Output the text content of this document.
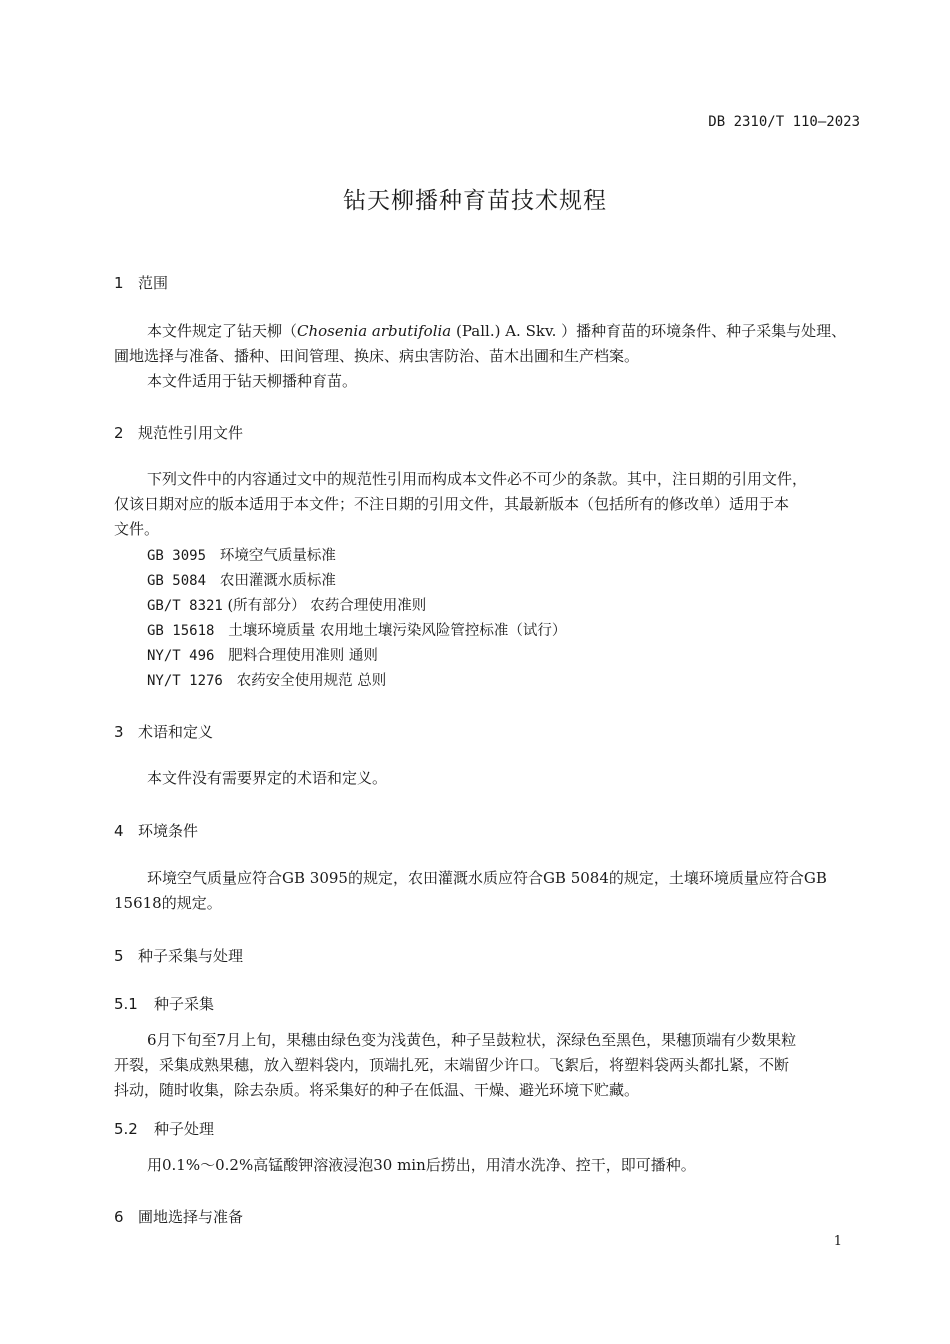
DB 2310/T 110—2023
钻天柳播种育苗技术规程
1 范围
本文件规定了钻天柳（Chosenia arbutifolia (Pall.) A. Skv. ）播种育苗的环境条件、种子采集与处理、
圃地选择与准备、播种、田间管理、换床、病虫害防治、苗木出圃和生产档案。
本文件适用于钻天柳播种育苗。
2 规范性引用文件
下列文件中的内容通过文中的规范性引用而构成本文件必不可少的条款。其中，注日期的引用文件，
仅该日期对应的版本适用于本文件；不注日期的引用文件，其最新版本（包括所有的修改单）适用于本
文件。
GB 3095 环境空气质量标准
GB 5084 农田灌溉水质标准
GB/T 8321 (所有部分） 农药合理使用准则
GB 15618 土壤环境质量 农用地土壤污染风险管控标准（试行）
NY/T 496 肥料合理使用准则 通则
NY/T 1276 农药安全使用规范 总则
3 术语和定义
本文件没有需要界定的术语和定义。
4 环境条件
环境空气质量应符合GB 3095的规定，农田灌溉水质应符合GB 5084的规定，土壤环境质量应符合GB
15618的规定。
5 种子采集与处理
5.1 种子采集
6月下旬至7月上旬，果穗由绿色变为浅黄色，种子呈鼓粒状，深绿色至黑色，果穗顶端有少数果粒
开裂，采集成熟果穗，放入塑料袋内，顶端扎死，末端留少许口。飞絮后，将塑料袋两头都扎紧，不断
抖动，随时收集，除去杂质。将采集好的种子在低温、干燥、避光环境下贮藏。
5.2 种子处理
用0.1%～0.2%高锰酸钾溶液浸泡30 min后捞出，用清水洗净、控干，即可播种。
6 圃地选择与准备
1
